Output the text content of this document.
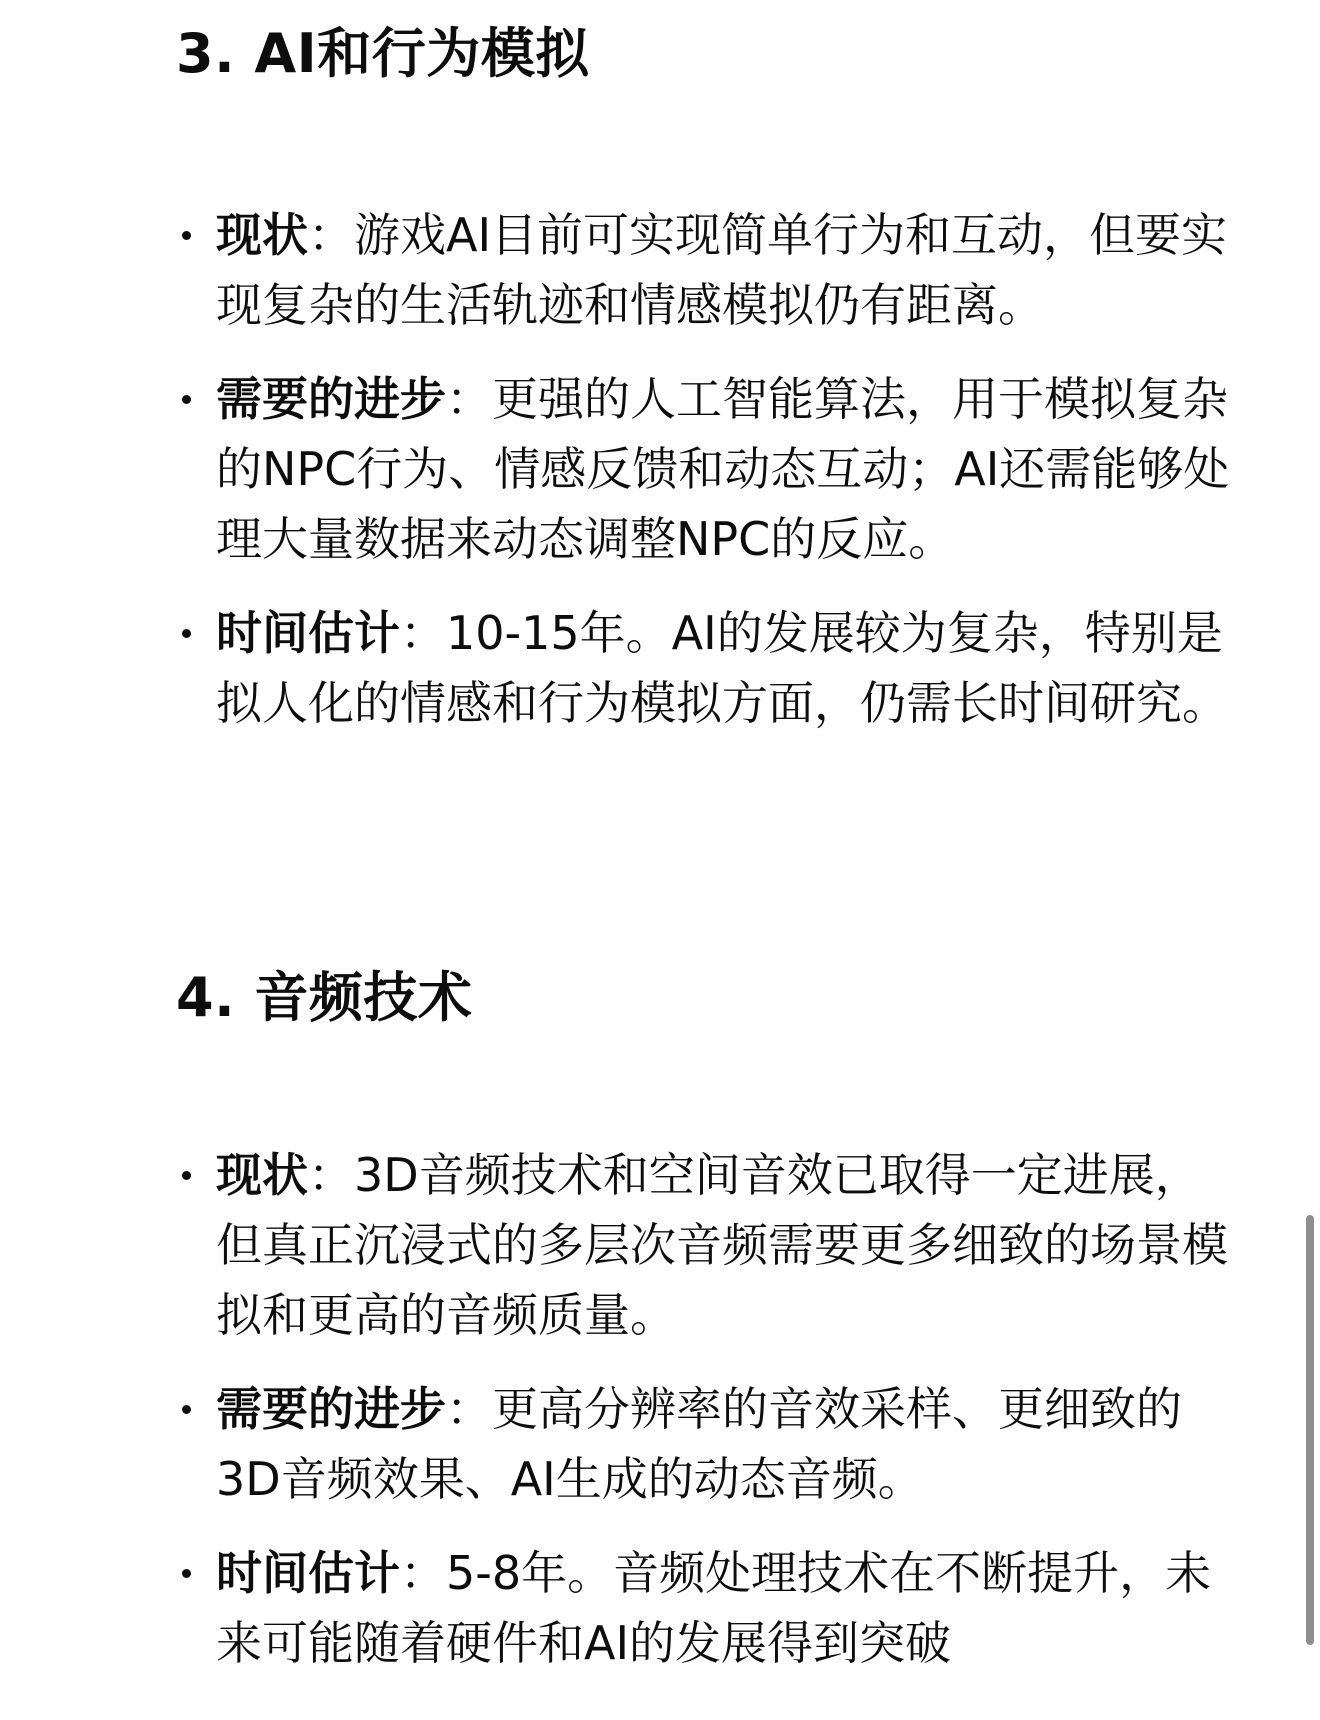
3. AI和行为模拟
现状：游戏AI目前可实现简单行为和互动，但要实现复杂的生活轨迹和情感模拟仍有距离。
需要的进步：更强的人工智能算法，用于模拟复杂的NPC行为、情感反馈和动态互动；AI还需能够处理大量数据来动态调整NPC的反应。
时间估计：10-15年。AI的发展较为复杂，特别是拟人化的情感和行为模拟方面，仍需长时间研究。
4. 音频技术
现状：3D音频技术和空间音效已取得一定进展，但真正沉浸式的多层次音频需要更多细致的场景模拟和更高的音频质量。
需要的进步：更高分辨率的音效采样、更细致的3D音频效果、AI生成的动态音频。
时间估计：5-8年。音频处理技术在不断提升，未来可能随着硬件和AI的发展得到突破
